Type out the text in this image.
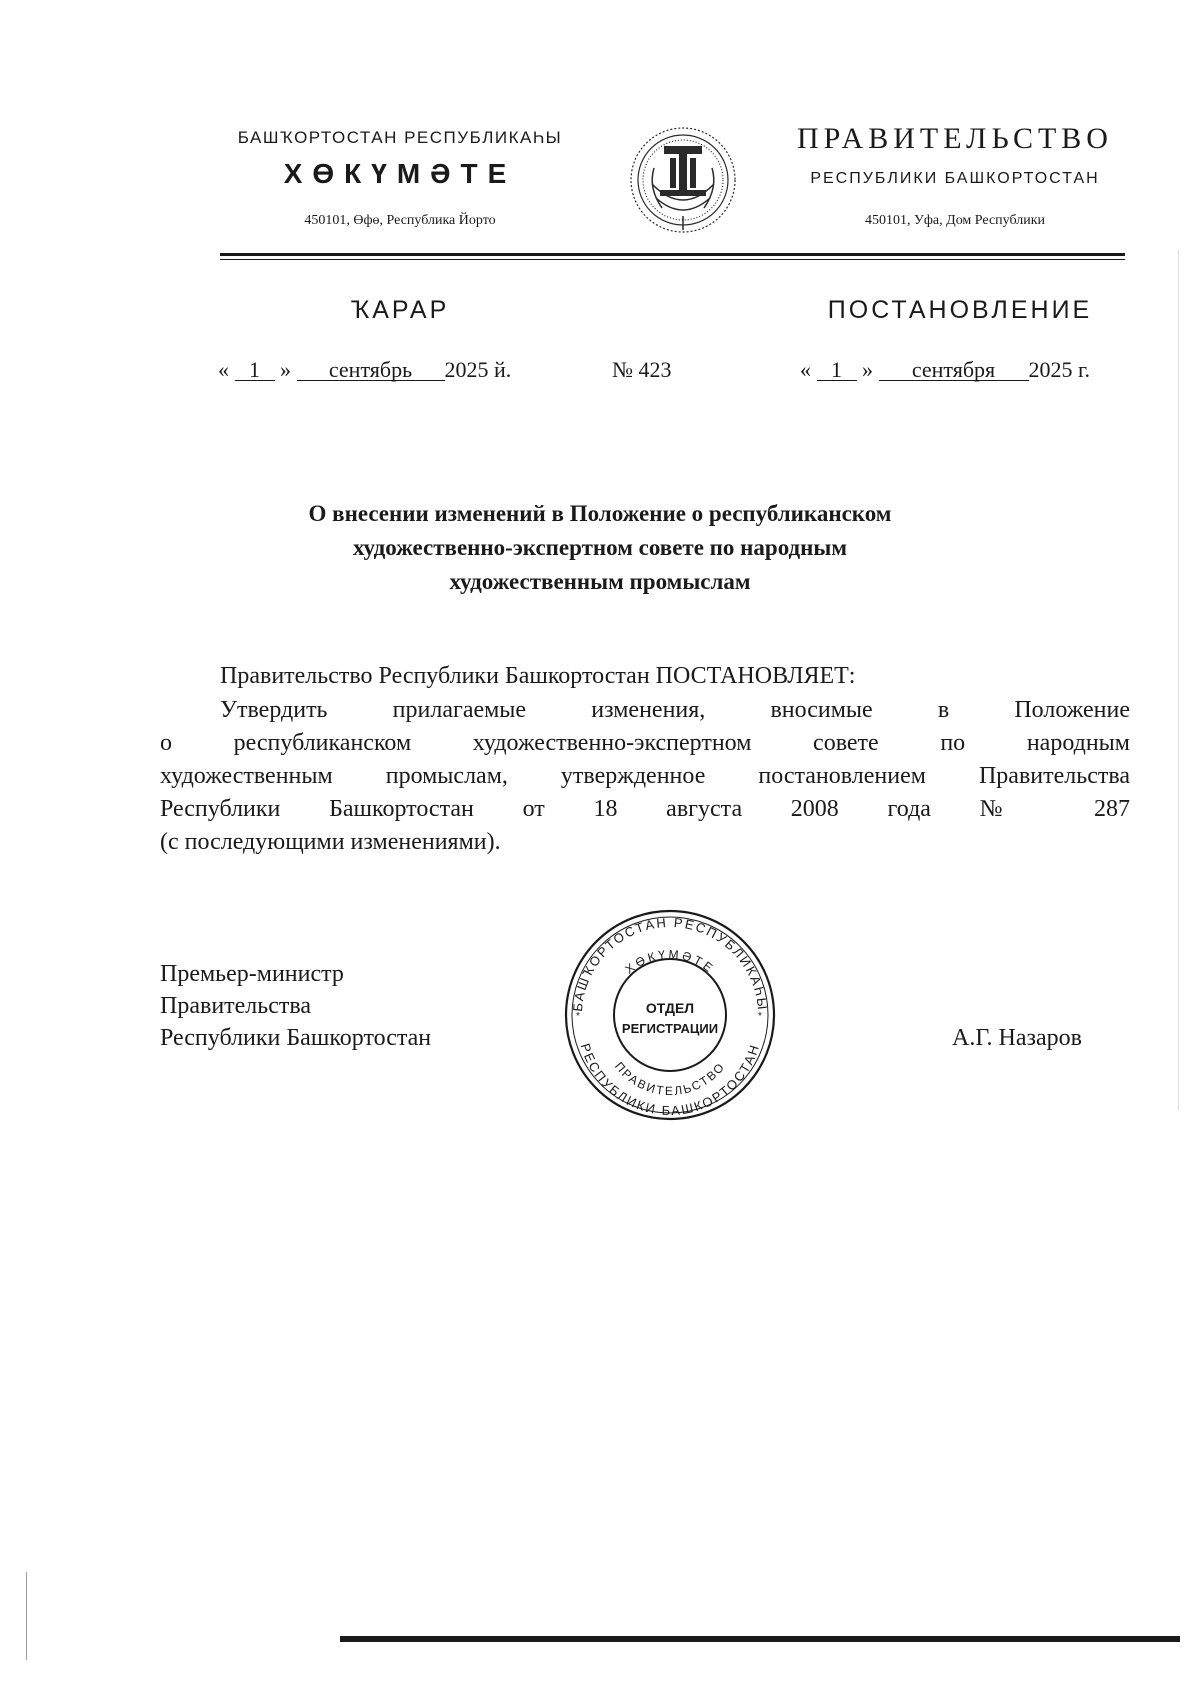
БАШҠОРТОСТАН РЕСПУБЛИКАҺЫ
ХӨКҮМӘТЕ
450101, Өфө, Республика Йорто
ПРАВИТЕЛЬСТВО
РЕСПУБЛИКИ БАШКОРТОСТАН
450101, Уфа, Дом Республики
ҠАРАР	ПОСТАНОВЛЕНИЕ
« 1 » сентябрь 2025 й.	№ 423	« 1 » сентября 2025 г.
О внесении изменений в Положение о республиканском
художественно-экспертном совете по народным
художественным промыслам
Правительство Республики Башкортостан ПОСТАНОВЛЯЕТ:
Утвердить прилагаемые изменения, вносимые в Положение
о республиканском художественно-экспертном совете по народным
художественным промыслам, утвержденное постановлением Правительства
Республики Башкортостан от 18 августа 2008 года № 287
(с последующими изменениями).
Премьер-министр
Правительства
Республики Башкортостан	А.Г. Назаров
БАШҠОРТОСТАН РЕСПУБЛИКАҺЫ
ХӨКҮМӘТЕ
РЕСПУБЛИКИ БАШКОРТОСТАН
ПРАВИТЕЛЬСТВО
ОТДЕЛ
РЕГИСТРАЦИИ
*	*
